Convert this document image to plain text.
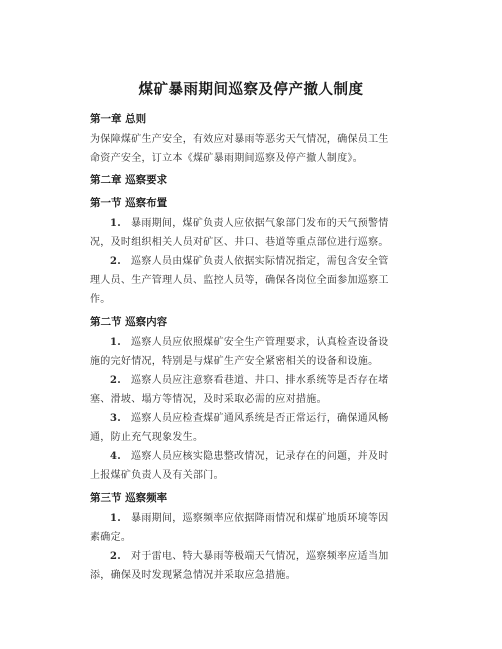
煤矿暴雨期间巡察及停产撤人制度
第一章 总则
为保障煤矿生产安全，有效应对暴雨等恶劣天气情况，确保员工生
命资产安全，订立本《煤矿暴雨期间巡察及停产撤人制度》。
第二章 巡察要求
第一节 巡察布置
1. 暴雨期间，煤矿负责人应依据气象部门发布的天气预警情
况，及时组织相关人员对矿区、井口、巷道等重点部位进行巡察。
2. 巡察人员由煤矿负责人依据实际情况指定，需包含安全管
理人员、生产管理人员、监控人员等，确保各岗位全面参加巡察工
作。
第二节 巡察内容
1. 巡察人员应依照煤矿安全生产管理要求，认真检查设备设
施的完好情况，特别是与煤矿生产安全紧密相关的设备和设施。
2. 巡察人员应注意察看巷道、井口、排水系统等是否存在堵
塞、滑坡、塌方等情况，及时采取必需的应对措施。
3. 巡察人员应检查煤矿通风系统是否正常运行，确保通风畅
通，防止充气现象发生。
4. 巡察人员应核实隐患整改情况，记录存在的问题，并及时
上报煤矿负责人及有关部门。
第三节 巡察频率
1. 暴雨期间，巡察频率应依据降雨情况和煤矿地质环境等因
素确定。
2. 对于雷电、特大暴雨等极端天气情况，巡察频率应适当加
添，确保及时发现紧急情况并采取应急措施。
